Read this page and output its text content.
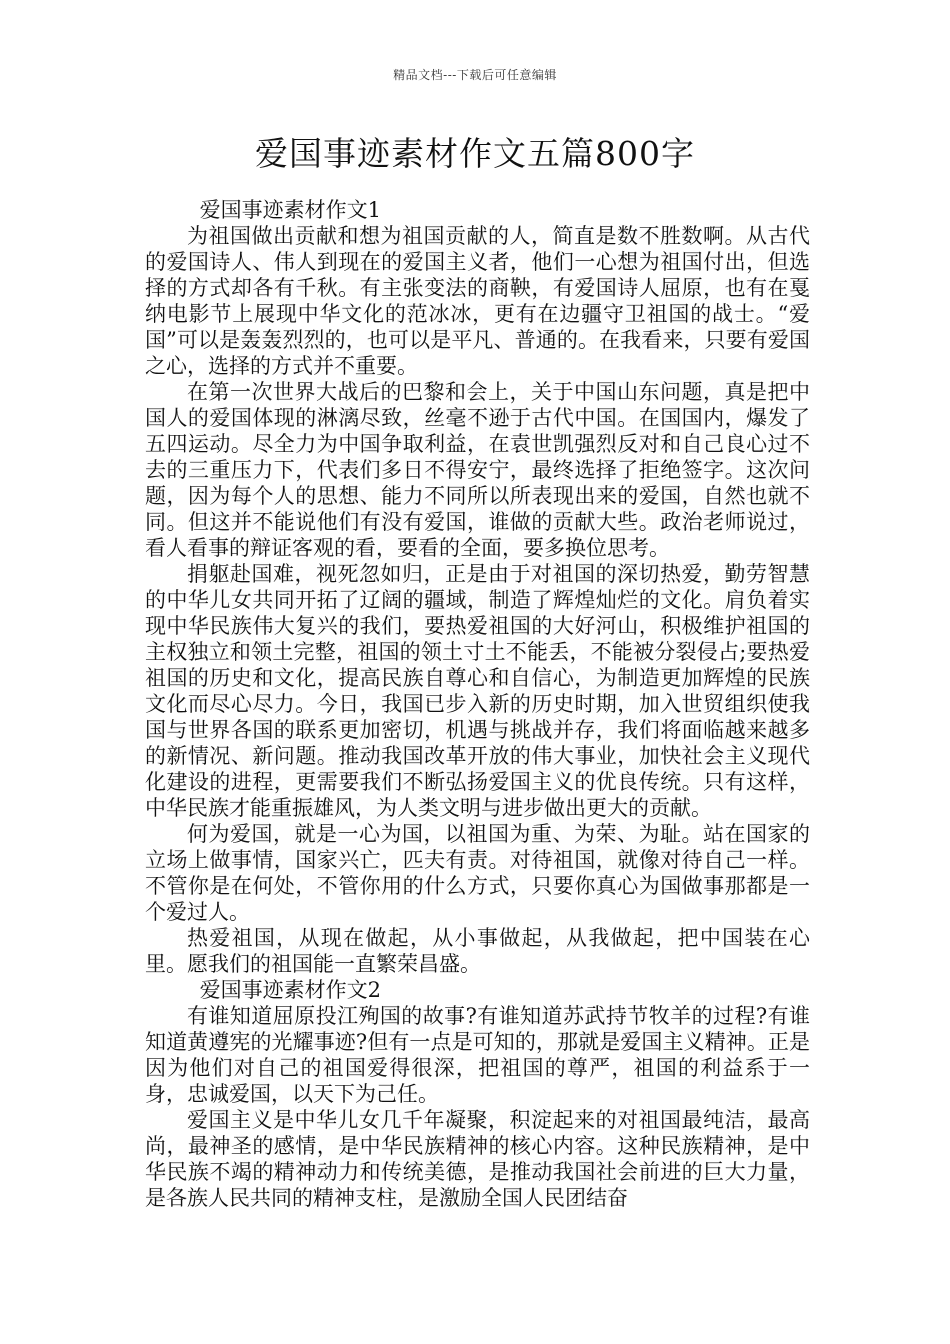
精品文档---下载后可任意编辑
爱国事迹素材作文五篇800字

爱国事迹素材作文1

为祖国做出贡献和想为祖国贡献的人，简直是数不胜数啊。从古代的爱国诗人、伟人到现在的爱国主义者，他们一心想为祖国付出，但选择的方式却各有千秋。有主张变法的商鞅，有爱国诗人屈原，也有在戛纳电影节上展现中华文化的范冰冰，更有在边疆守卫祖国的战士。“爱国”可以是轰轰烈烈的，也可以是平凡、普通的。在我看来，只要有爱国之心，选择的方式并不重要。

在第一次世界大战后的巴黎和会上，关于中国山东问题，真是把中国人的爱国体现的淋漓尽致，丝毫不逊于古代中国。在国国内，爆发了五四运动。尽全力为中国争取利益，在袁世凯强烈反对和自己良心过不去的三重压力下，代表们多日不得安宁，最终选择了拒绝签字。这次问题，因为每个人的思想、能力不同所以所表现出来的爱国，自然也就不同。但这并不能说他们有没有爱国，谁做的贡献大些。政治老师说过，看人看事的辩证客观的看，要看的全面，要多换位思考。

捐躯赴国难，视死忽如归，正是由于对祖国的深切热爱，勤劳智慧的中华儿女共同开拓了辽阔的疆域，制造了辉煌灿烂的文化。肩负着实现中华民族伟大复兴的我们，要热爱祖国的大好河山，积极维护祖国的主权独立和领土完整，祖国的领土寸土不能丢，不能被分裂侵占;要热爱祖国的历史和文化，提高民族自尊心和自信心，为制造更加辉煌的民族文化而尽心尽力。今日，我国已步入新的历史时期，加入世贸组织使我国与世界各国的联系更加密切，机遇与挑战并存，我们将面临越来越多的新情况、新问题。推动我国改革开放的伟大事业，加快社会主义现代化建设的进程，更需要我们不断弘扬爱国主义的优良传统。只有这样，中华民族才能重振雄风，为人类文明与进步做出更大的贡献。

何为爱国，就是一心为国，以祖国为重、为荣、为耻。站在国家的立场上做事情，国家兴亡，匹夫有责。对待祖国，就像对待自己一样。不管你是在何处，不管你用的什么方式，只要你真心为国做事那都是一个爱过人。

热爱祖国，从现在做起，从小事做起，从我做起，把中国装在心里。愿我们的祖国能一直繁荣昌盛。

爱国事迹素材作文2

有谁知道屈原投江殉国的故事?有谁知道苏武持节牧羊的过程?有谁知道黄遵宪的光耀事迹?但有一点是可知的，那就是爱国主义精神。正是因为他们对自己的祖国爱得很深，把祖国的尊严，祖国的利益系于一身，忠诚爱国，以天下为己任。

爱国主义是中华儿女几千年凝聚，积淀起来的对祖国最纯洁，最高尚，最神圣的感情，是中华民族精神的核心内容。这种民族精神，是中华民族不竭的精神动力和传统美德，是推动我国社会前进的巨大力量，是各族人民共同的精神支柱，是激励全国人民团结奋
